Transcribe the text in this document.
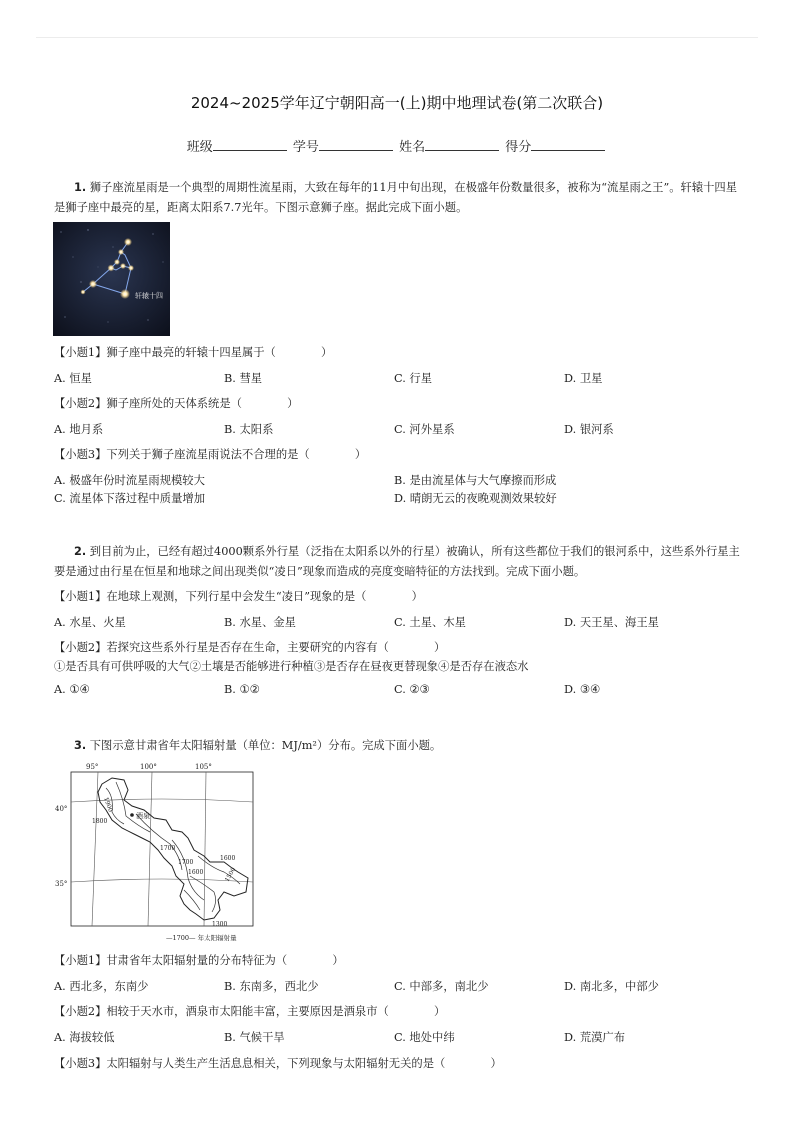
2024~2025学年辽宁朝阳高一(上)期中地理试卷(第二次联合)
班级	学号	姓名	得分
1. 狮子座流星雨是一个典型的周期性流星雨，大致在每年的11月中旬出现，在极盛年份数量很多，被称为“流星雨之王”。轩辕十四星是狮子座中最亮的星，距离太阳系7.7光年。下图示意狮子座。据此完成下面小题。
轩辕十四
【小题1】狮子座中最亮的轩辕十四星属于（　　　　）
A. 恒星	B. 彗星	C. 行星	D. 卫星
【小题2】狮子座所处的天体系统是（　　　　）
A. 地月系	B. 太阳系	C. 河外星系	D. 银河系
【小题3】下列关于狮子座流星雨说法不合理的是（　　　　）
A. 极盛年份时流星雨规模较大	B. 是由流星体与大气摩擦而形成
C. 流星体下落过程中质量增加	D. 晴朗无云的夜晚观测效果较好
2. 到目前为止，已经有超过4000颗系外行星（泛指在太阳系以外的行星）被确认，所有这些都位于我们的银河系中，这些系外行星主要是通过由行星在恒星和地球之间出现类似“凌日”现象而造成的亮度变暗特征的方法找到。完成下面小题。
【小题1】在地球上观测，下列行星中会发生“凌日”现象的是（　　　　）
A. 水星、火星	B. 水星、金星	C. 土星、木星	D. 天王星、海王星
【小题2】若探究这些系外行星是否存在生命，主要研究的内容有（　　　　）
①是否具有可供呼吸的大气②土壤是否能够进行种植③是否存在昼夜更替现象④是否存在液态水
A. ①④	B. ①②	C. ②③	D. ③④
3. 下图示意甘肃省年太阳辐射量（单位：MJ/m²）分布。完成下面小题。
酒泉
95°	100°	105°
40°
35°
1900
1800
1700
1700
1600
1600	1500
1300
—1700— 年太阳辐射量
【小题1】甘肃省年太阳辐射量的分布特征为（　　　　）
A. 西北多，东南少	B. 东南多，西北少	C. 中部多，南北少	D. 南北多，中部少
【小题2】相较于天水市，酒泉市太阳能丰富，主要原因是酒泉市（　　　　）
A. 海拔较低	B. 气候干旱	C. 地处中纬	D. 荒漠广布
【小题3】太阳辐射与人类生产生活息息相关，下列现象与太阳辐射无关的是（　　　　）
